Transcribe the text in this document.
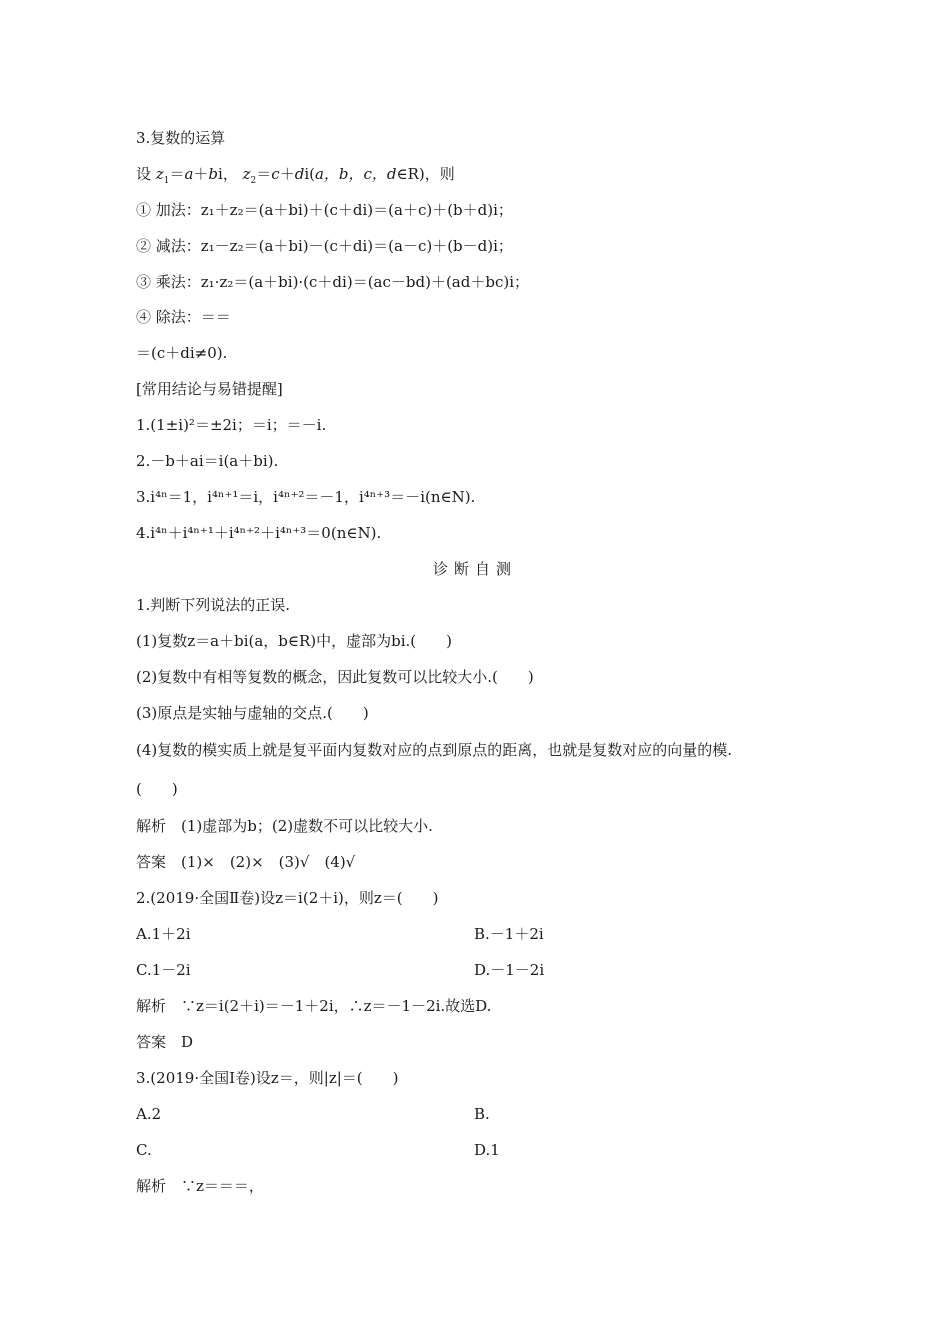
3.复数的运算
设 $z_1=a+bi$， $z_2=c+di(a$，b，c，d∈R)，则
① 加法：z₁＋z₂＝(a＋bi)＋(c＋di)＝(a＋c)＋(b＋d)i；
② 减法：z₁－z₂＝(a＋bi)－(c＋di)＝(a－c)＋(b－d)i；
③ 乘法：z₁·z₂＝(a＋bi)·(c＋di)＝(ac－bd)＋(ad＋bc)i；
④ 除法：＝＝
＝(c＋di≠0).
[常用结论与易错提醒]
1.(1±i)²＝±2i；＝i；＝－i.
2.－b＋ai＝i(a＋bi).
3.i⁴ⁿ＝1，i⁴ⁿ⁺¹＝i，i⁴ⁿ⁺²＝－1，i⁴ⁿ⁺³＝－i(n∈N).
4.i⁴ⁿ＋i⁴ⁿ⁺¹＋i⁴ⁿ⁺²＋i⁴ⁿ⁺³＝0(n∈N).
诊断自测
1.判断下列说法的正误.
(1)复数z＝a＋bi(a，b∈R)中，虚部为bi.(　　)
(2)复数中有相等复数的概念，因此复数可以比较大小.(　　)
(3)原点是实轴与虚轴的交点.(　　)
(4)复数的模实质上就是复平面内复数对应的点到原点的距离，也就是复数对应的向量的模.
(　　)
解析　(1)虚部为b；(2)虚数不可以比较大小.
答案　(1)×　(2)×　(3)√　(4)√
2.(2019·全国Ⅱ卷)设z＝i(2＋i)，则z＝(　　)
A.1＋2i	B.－1＋2i
C.1－2i	D.－1－2i
解析　∵z＝i(2＋i)＝－1＋2i，∴z＝－1－2i.故选D.
答案　D
3.(2019·全国Ⅰ卷)设z＝，则|z|＝(　　)
A.2	B.
C.	D.1
解析　∵z＝＝＝，
